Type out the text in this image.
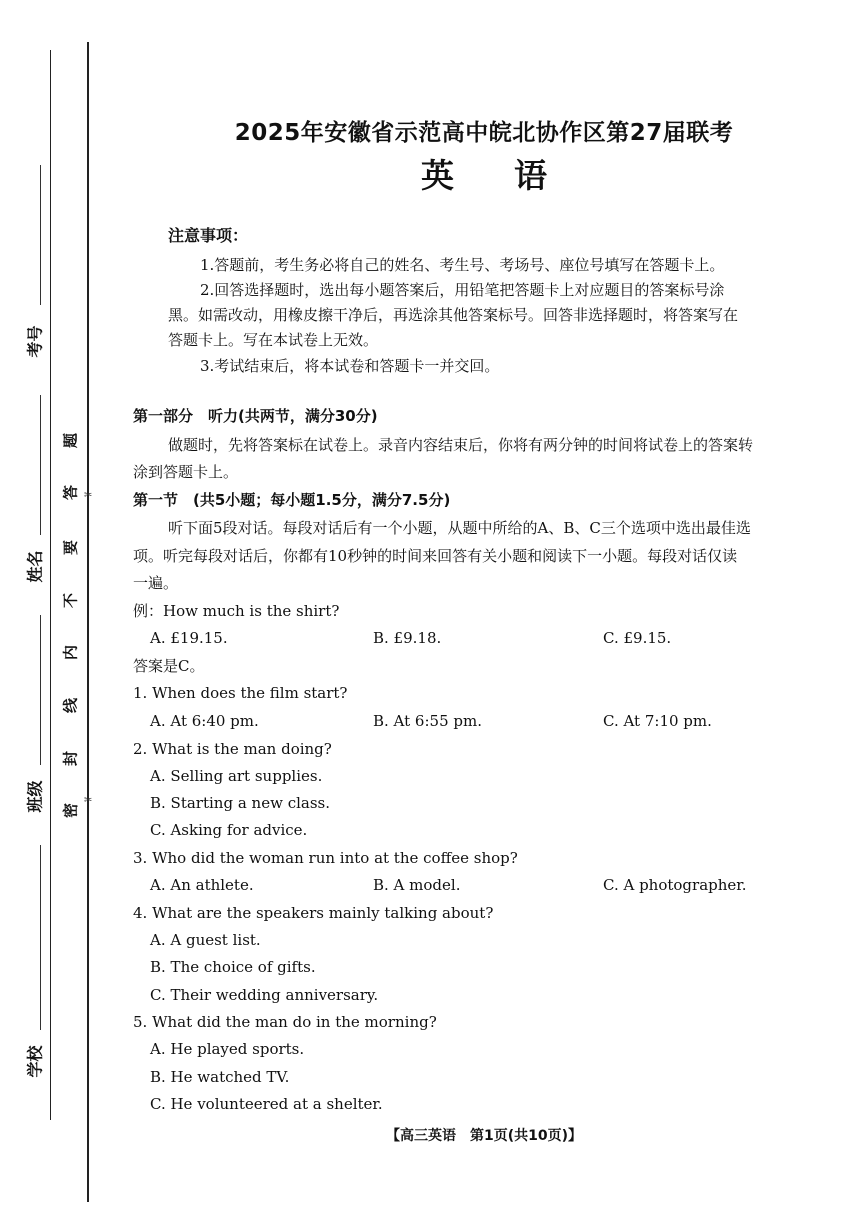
考号
姓名
班级
学校
题
答
要
不
内
线
封
密
✂
✂
2025年安徽省示范高中皖北协作区第27届联考
英语
注意事项：
1.答题前，考生务必将自己的姓名、考生号、考场号、座位号填写在答题卡上。
2.回答选择题时，选出每小题答案后，用铅笔把答题卡上对应题目的答案标号涂
黑。如需改动，用橡皮擦干净后，再选涂其他答案标号。回答非选择题时，将答案写在
答题卡上。写在本试卷上无效。
3.考试结束后，将本试卷和答题卡一并交回。
第一部分　听力(共两节，满分30分)
做题时，先将答案标在试卷上。录音内容结束后，你将有两分钟的时间将试卷上的答案转
涂到答题卡上。
第一节　(共5小题；每小题1.5分，满分7.5分)
听下面5段对话。每段对话后有一个小题，从题中所给的A、B、C三个选项中选出最佳选
项。听完每段对话后，你都有10秒钟的时间来回答有关小题和阅读下一小题。每段对话仅读
一遍。
例：How much is the shirt?
A. £19.15.	B. £9.18.	C. £9.15.
答案是C。
1. When does the film start?
A. At 6:40 pm.	B. At 6:55 pm.	C. At 7:10 pm.
2. What is the man doing?
A. Selling art supplies.
B. Starting a new class.
C. Asking for advice.
3. Who did the woman run into at the coffee shop?
A. An athlete.	B. A model.	C. A photographer.
4. What are the speakers mainly talking about?
A. A guest list.
B. The choice of gifts.
C. Their wedding anniversary.
5. What did the man do in the morning?
A. He played sports.
B. He watched TV.
C. He volunteered at a shelter.
【高三英语　第1页(共10页)】
